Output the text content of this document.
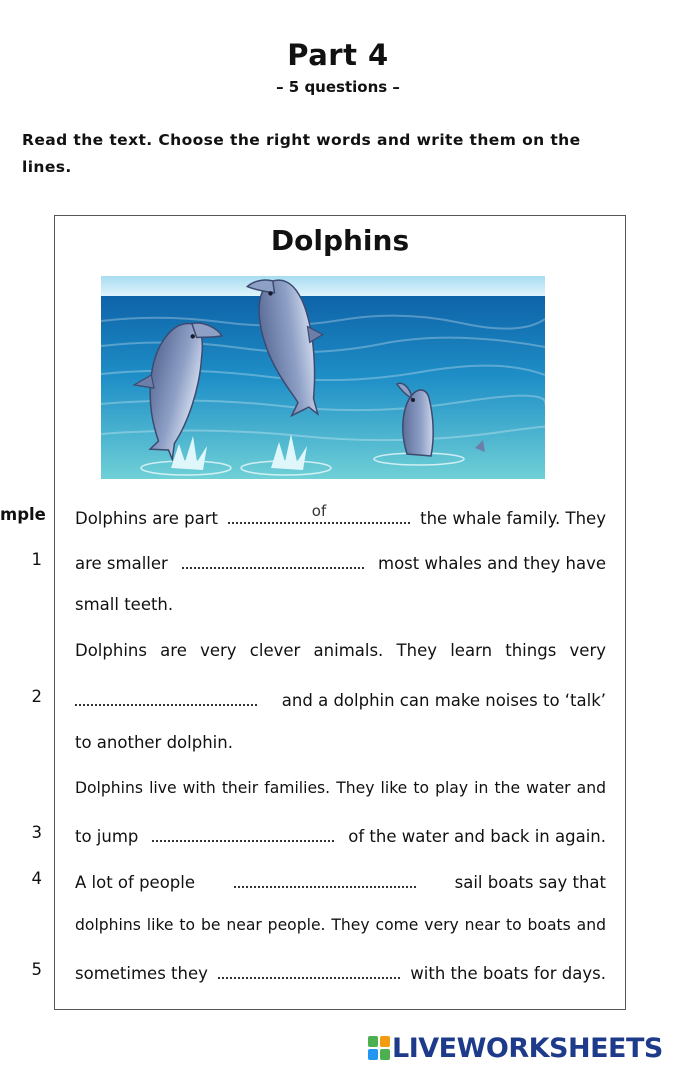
Part 4
– 5 questions –
Read the text. Choose the right words and write them on the lines.
Dolphins
mple Dolphins are part	of	the whale family. They
1 are smaller	most whales and they have
small teeth.
Dolphins are very clever animals. They learn things very
2	and a dolphin can make noises to ‘talk’
to another dolphin.
Dolphins live with their families. They like to play in the water and
3 to jump	of the water and back in again.
4 A lot of people	sail boats say that
dolphins like to be near people. They come very near to boats and
5 sometimes they	with the boats for days.
LIVEWORKSHEETS
